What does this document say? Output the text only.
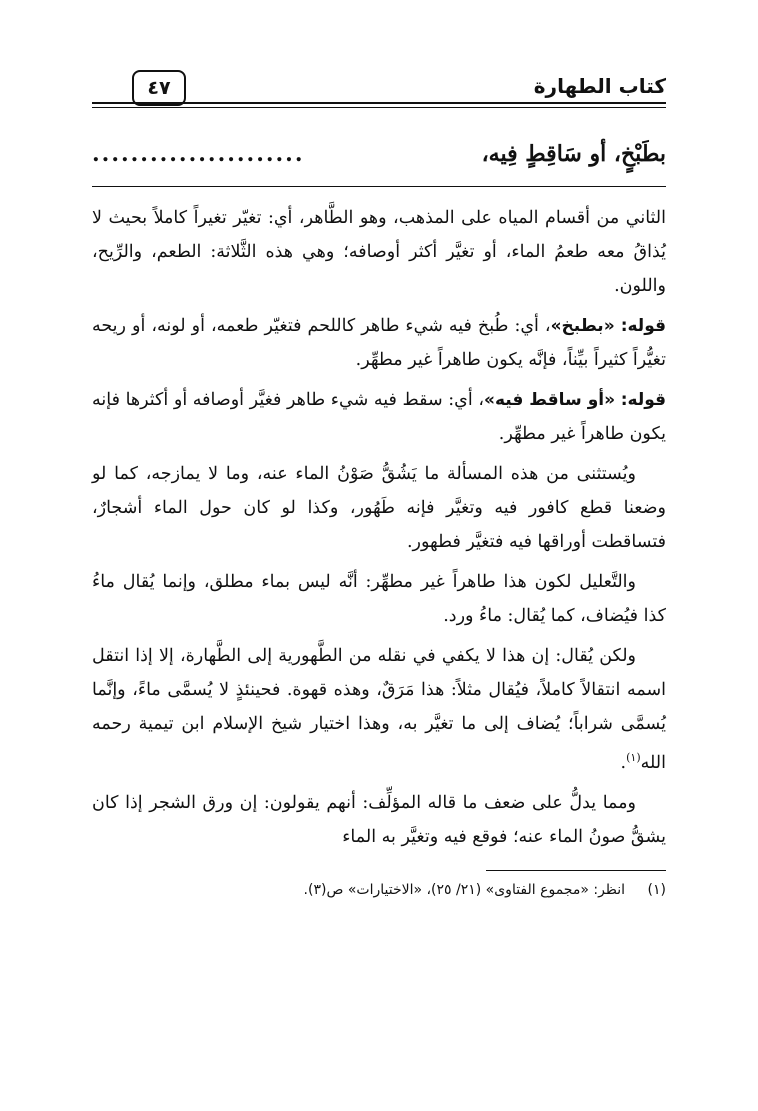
كتاب الطهارة
٤٧
بطَبْخٍ، أو سَاقِطٍ فِيه،
......................

الثاني من أقسام المياه على المذهب، وهو الطَّاهر، أي: تغيّر تغيراً كاملاً بحيث لا يُذاقُ معه طعمُ الماء، أو تغيَّر أكثر أوصافه؛ وهي هذه الثَّلاثة: الطعم، والرِّيح، واللون.

قوله: «بطبخ»، أي: طُبخ فيه شيء طاهر كاللحم فتغيّر طعمه، أو لونه، أو ريحه تغيُّراً كثيراً بيِّناً، فإنَّه يكون طاهراً غير مطهِّر.

قوله: «أو ساقط فيه»، أي: سقط فيه شيء طاهر فغيَّر أوصافه أو أكثرها فإنه يكون طاهراً غير مطهِّر.

ويُستثنى من هذه المسألة ما يَشُقُّ صَوْنُ الماء عنه، وما لا يمازجه، كما لو وضعنا قطع كافور فيه وتغيَّر فإنه طَهُور، وكذا لو كان حول الماء أشجارٌ، فتساقطت أوراقها فيه فتغيَّر فطهور.

والتَّعليل لكون هذا طاهراً غير مطهِّر: أنَّه ليس بماء مطلق، وإنما يُقال ماءُ كذا فيُضاف، كما يُقال: ماءُ ورد.

ولكن يُقال: إن هذا لا يكفي في نقله من الطَّهورية إلى الطَّهارة، إلا إذا انتقل اسمه انتقالاً كاملاً، فيُقال مثلاً: هذا مَرَقٌ، وهذه قهوة. فحينئذٍ لا يُسمَّى ماءً، وإنَّما يُسمَّى شراباً؛ يُضاف إلى ما تغيَّر به، وهذا اختيار شيخ الإسلام ابن تيمية رحمه الله$^{(١)}$.

ومما يدلُّ على ضعف ما قاله المؤلِّف: أنهم يقولون: إن ورق الشجر إذا كان يشقُّ صونُ الماء عنه؛ فوقع فيه وتغيَّر به الماء

(١) انظر: «مجموع الفتاوى» (٢١/ ٢٥)، «الاختيارات» ص(٣).
